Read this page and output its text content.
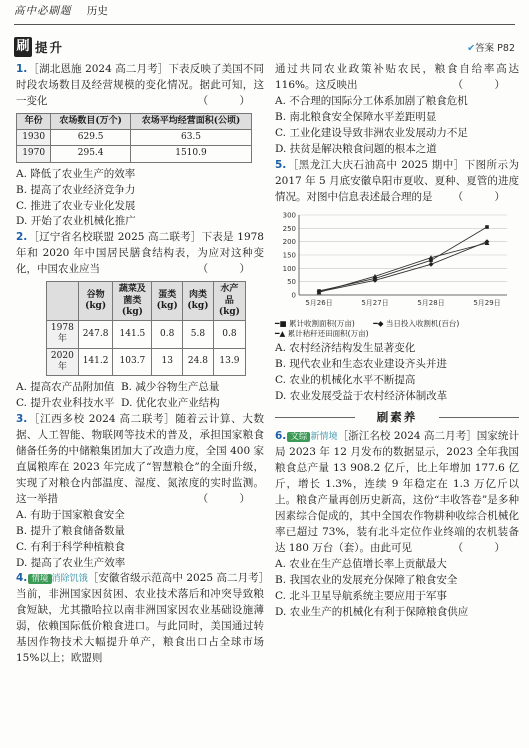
高中必刷题 历史
刷 提升	✔答案 P82

1.［湖北恩施 2024 高二月考］下表反映了美国不同时段农场数目及经营规模的变化情况。据此可知，这一变化	（ ）

年份	农场数目(万个)	农场平均经营面积(公顷)
1930	629.5	63.5
1970	295.4	1510.9

A. 降低了农业生产的效率

B. 提高了农业经济竞争力

C. 推进了农业专业化发展

D. 开始了农业机械化推广

2.［辽宁省名校联盟 2025 高二联考］下表是 1978 年和 2020 年中国居民膳食结构表，为应对这种变化，中国农业应当	（ ）

	谷物(kg)	蔬菜及菌类(kg)	蛋类(kg)	肉类(kg)	水产品(kg)
1978 年	247.8	141.5	0.8	5.8	0.8
2020 年	141.2	103.7	13	24.8	13.9

A. 提高农产品附加值 B. 减少谷物生产总量

C. 提升农业科技水平 D. 优化农业产业结构

3.［江西多校 2024 高二联考］随着云计算、大数据、人工智能、物联网等技术的普及，承担国家粮食储备任务的中储粮集团加大了改造力度，全国 400 家直属粮库在 2023 年完成了“智慧粮仓”的全面升级，实现了对粮仓内部温度、湿度、氮浓度的实时监测。这一举措	（ ）

A. 有助于国家粮食安全

B. 提升了粮食储备数量

C. 有利于科学种植粮食

D. 提高了农业生产效率

4. 情境 消除饥饿［安徽省级示范高中 2025 高二月考］当前，非洲国家因贫困、农业技术落后和冲突导致粮食短缺，尤其撒哈拉以南非洲国家因农业基础设施薄弱，依赖国际低价粮食进口。与此同时，美国通过转基因作物技术大幅提升单产，粮食出口占全球市场 15%以上；欧盟则

通过共同农业政策补贴农民，粮食自给率高达 116%。这反映出	（ ）

A. 不合理的国际分工体系加剧了粮食危机

B. 南北粮食安全保障水平差距明显

C. 工业化建设导致非洲农业发展动力不足

D. 扶贫是解决粮食问题的根本之道

5.［黑龙江大庆石油高中 2025 期中］下图所示为 2017 年 5 月底安徽阜阳市夏收、夏种、夏管的进度情况。对图中信息表述最合理的是 （ ）

0
50
100
150
200
250
300
5月26日	5月27日	5月28日	5月29日
━■ 累计收割面积(万亩) ━◆ 当日投入收割机(百台)
━▲ 累计秸秆还田面积(万亩)

A. 农村经济结构发生显著变化

B. 现代农业和生态农业建设齐头并进

C. 农业的机械化水平不断提高

D. 农业发展受益于农村经济体制改革

刷素养

6. 文综 新情境［浙江名校 2024 高二月考］国家统计局 2023 年 12 月发布的数据显示，2023 全年我国粮食总产量 13 908.2 亿斤，比上年增加 177.6 亿斤，增长 1.3%，连续 9 年稳定在 1.3 万亿斤以上。粮食产量再创历史新高，这份“丰收答卷”是多种因素综合促成的，其中全国农作物耕种收综合机械化率已超过 73%，装有北斗定位作业终端的农机装备达 180 万台（套）。由此可见	（ ）

A. 农业在生产总值增长率上贡献最大

B. 我国农业的发展充分保障了粮食安全

C. 北斗卫星导航系统主要应用于军事

D. 农业生产的机械化有利于保障粮食供应
